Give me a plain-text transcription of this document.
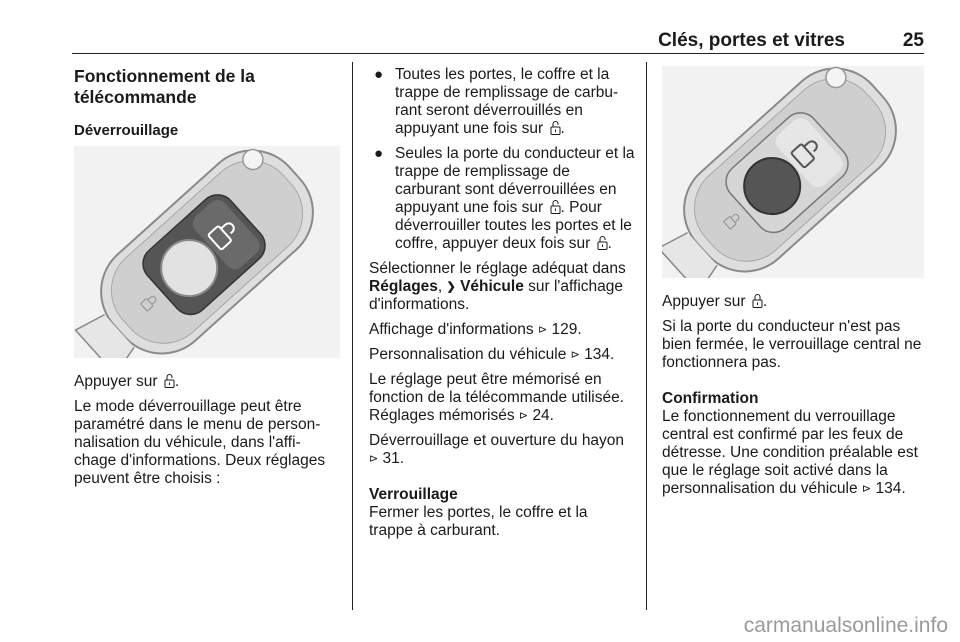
Clés, portes et vitres	25

Fonctionnement de la télécommande

Déverrouillage

Appuyer sur .

Le mode déverrouillage peut être paramétré dans le menu de person-nalisation du véhicule, dans l'affi-chage d'informations. Deux réglages peuvent être choisis :

● Toutes les portes, le coffre et la trappe de remplissage de carbu-rant seront déverrouillés en appuyant une fois sur .

● Seules la porte du conducteur et la trappe de remplissage de carburant sont déverrouillées en appuyant une fois sur . Pour déverrouiller toutes les portes et le coffre, appuyer deux fois sur .

Sélectionner le réglage adéquat dans Réglages, ❯ Véhicule sur l'affichage d'informations.

Affichage d'informations ⊳ 129.

Personnalisation du véhicule ⊳ 134.

Le réglage peut être mémorisé en fonction de la télécommande utilisée. Réglages mémorisés ⊳ 24.

Déverrouillage et ouverture du hayon ⊳ 31.

Verrouillage

Fermer les portes, le coffre et la trappe à carburant.

Appuyer sur .

Si la porte du conducteur n'est pas bien fermée, le verrouillage central ne fonctionnera pas.

Confirmation

Le fonctionnement du verrouillage central est confirmé par les feux de détresse. Une condition préalable est que le réglage soit activé dans la personnalisation du véhicule ⊳ 134.

carmanualsonline.info
